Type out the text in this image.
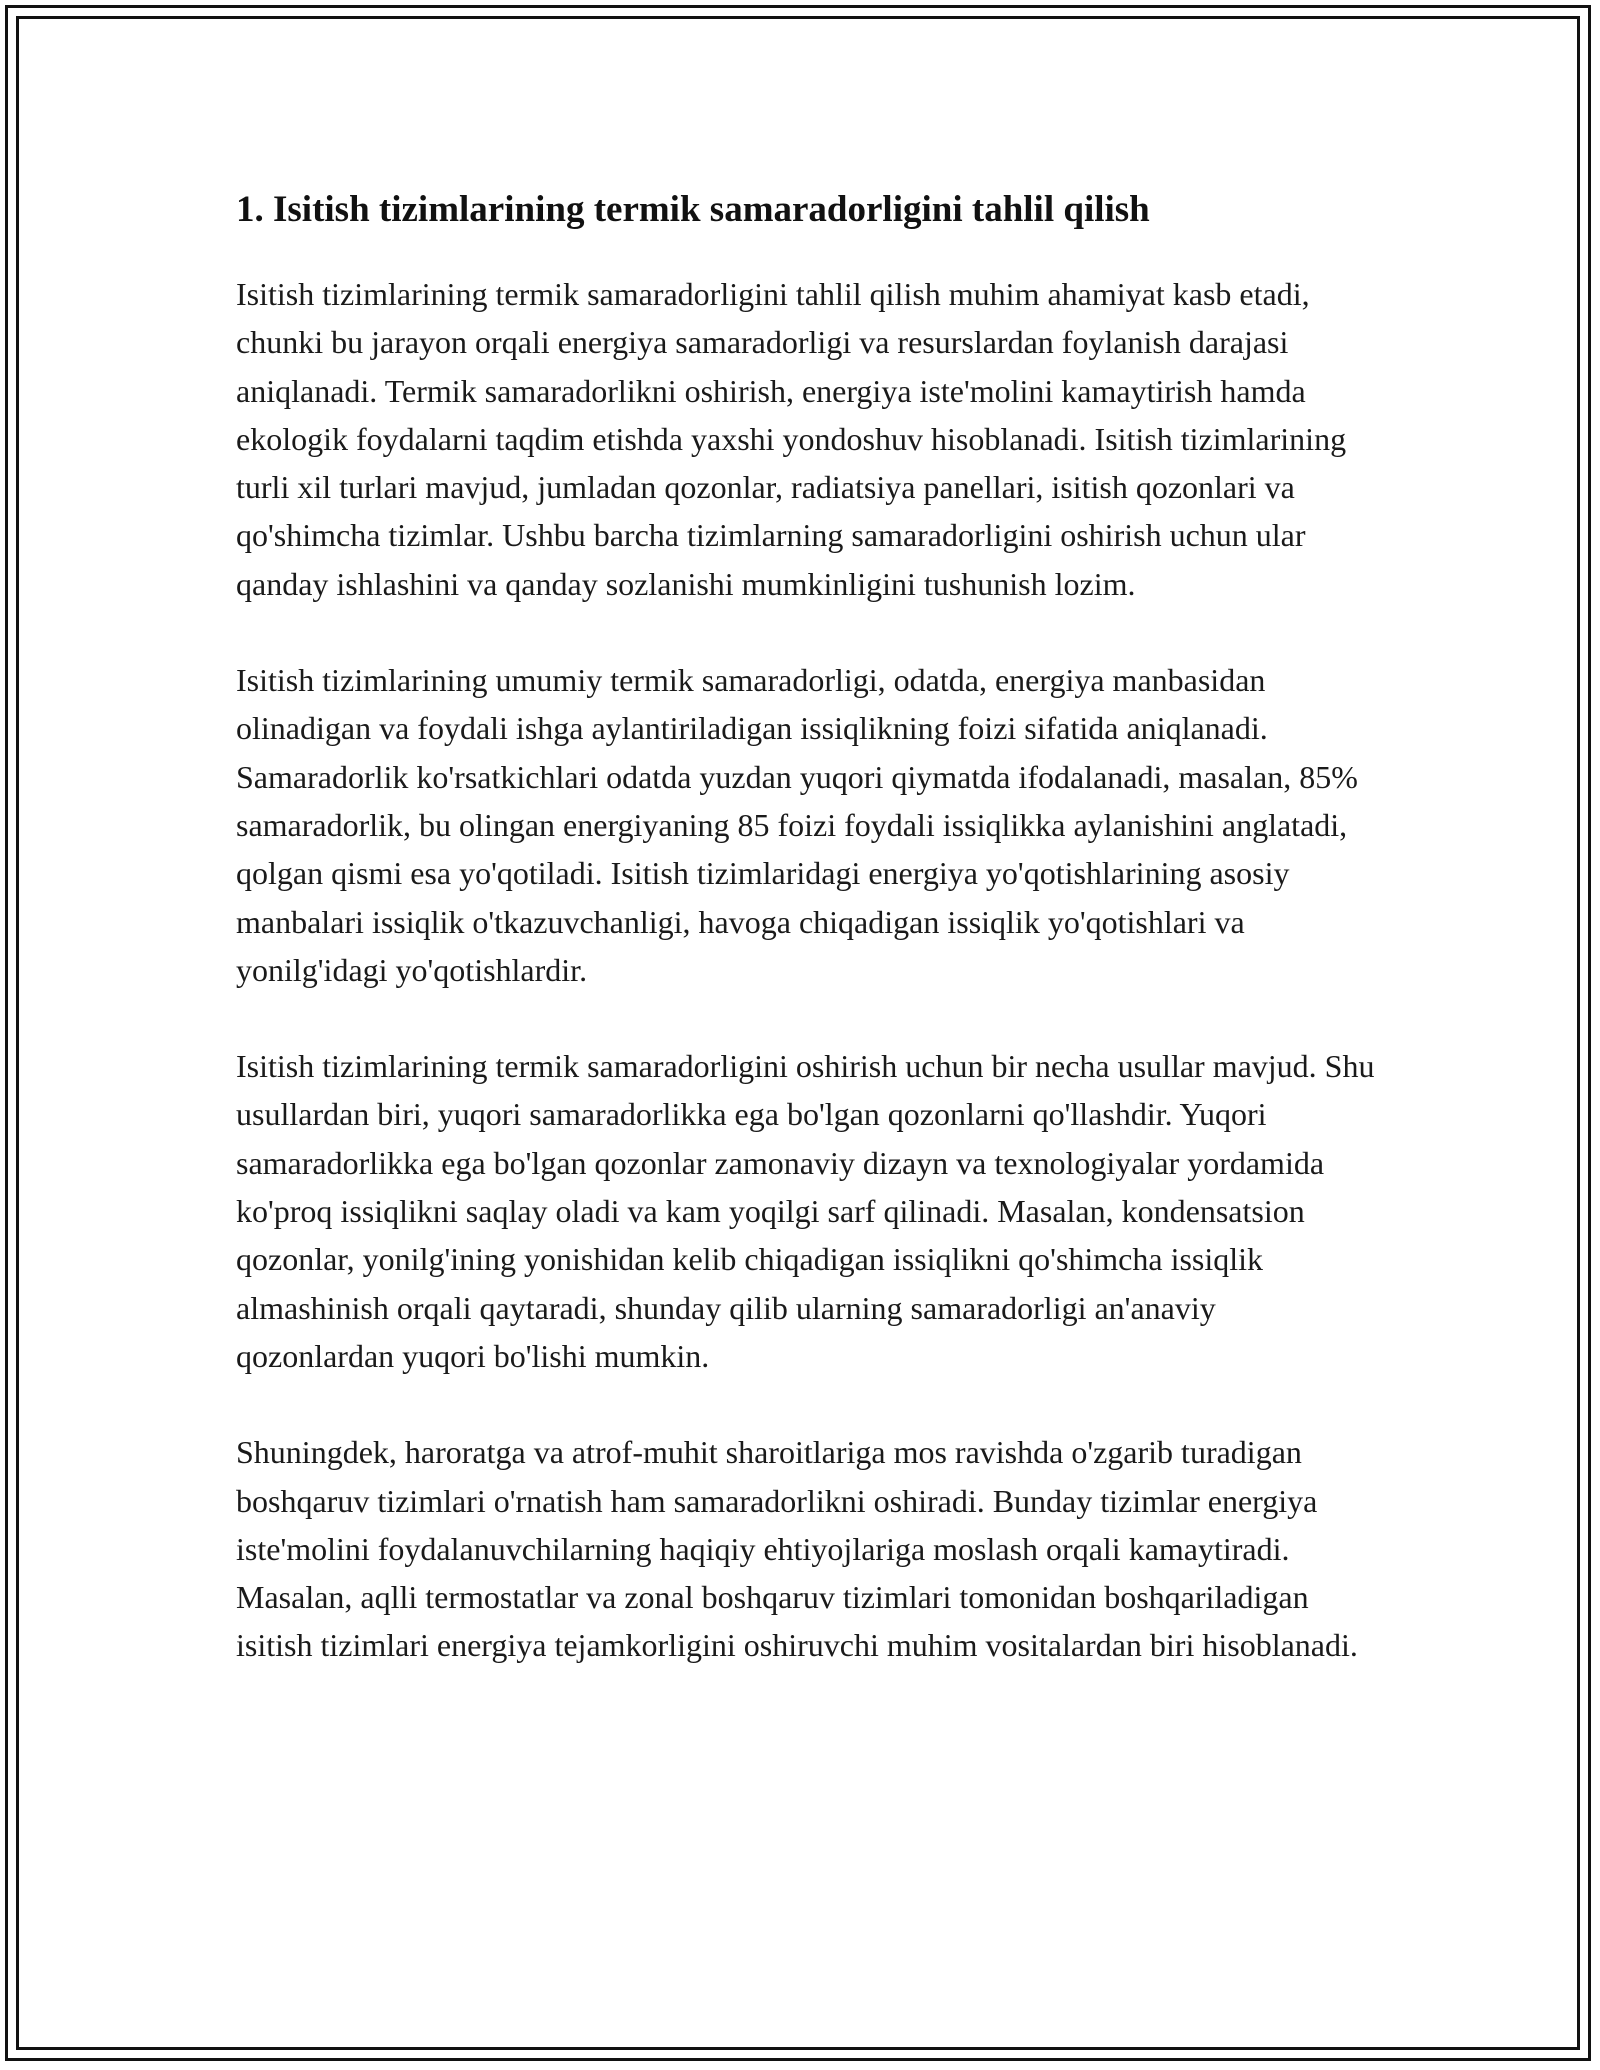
1. Isitish tizimlarining termik samaradorligini tahlil qilish

Isitish tizimlarining termik samaradorligini tahlil qilish muhim ahamiyat kasb etadi, chunki bu jarayon orqali energiya samaradorligi va resurslardan foylanish darajasi aniqlanadi. Termik samaradorlikni oshirish, energiya iste'molini kamaytirish hamda ekologik foydalarni taqdim etishda yaxshi yondoshuv hisoblanadi. Isitish tizimlarining turli xil turlari mavjud, jumladan qozonlar, radiatsiya panellari, isitish qozonlari va qo'shimcha tizimlar. Ushbu barcha tizimlarning samaradorligini oshirish uchun ular qanday ishlashini va qanday sozlanishi mumkinligini tushunish lozim.

Isitish tizimlarining umumiy termik samaradorligi, odatda, energiya manbasidan olinadigan va foydali ishga aylantiriladigan issiqlikning foizi sifatida aniqlanadi. Samaradorlik ko'rsatkichlari odatda yuzdan yuqori qiymatda ifodalanadi, masalan, 85% samaradorlik, bu olingan energiyaning 85 foizi foydali issiqlikka aylanishini anglatadi, qolgan qismi esa yo'qotiladi. Isitish tizimlaridagi energiya yo'qotishlarining asosiy manbalari issiqlik o'tkazuvchanligi, havoga chiqadigan issiqlik yo'qotishlari va yonilg'idagi yo'qotishlardir.

Isitish tizimlarining termik samaradorligini oshirish uchun bir necha usullar mavjud. Shu usullardan biri, yuqori samaradorlikka ega bo'lgan qozonlarni qo'llashdir. Yuqori samaradorlikka ega bo'lgan qozonlar zamonaviy dizayn va texnologiyalar yordamida ko'proq issiqlikni saqlay oladi va kam yoqilgi sarf qilinadi. Masalan, kondensatsion qozonlar, yonilg'ining yonishidan kelib chiqadigan issiqlikni qo'shimcha issiqlik almashinish orqali qaytaradi, shunday qilib ularning samaradorligi an'anaviy qozonlardan yuqori bo'lishi mumkin.

Shuningdek, haroratga va atrof-muhit sharoitlariga mos ravishda o'zgarib turadigan boshqaruv tizimlari o'rnatish ham samaradorlikni oshiradi. Bunday tizimlar energiya iste'molini foydalanuvchilarning haqiqiy ehtiyojlariga moslash orqali kamaytiradi. Masalan, aqlli termostatlar va zonal boshqaruv tizimlari tomonidan boshqariladigan isitish tizimlari energiya tejamkorligini oshiruvchi muhim vositalardan biri hisoblanadi.
